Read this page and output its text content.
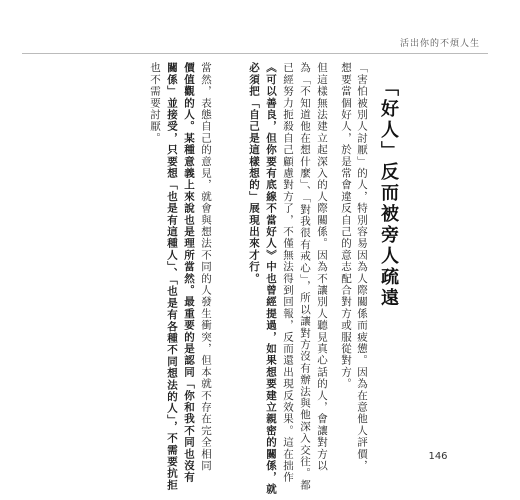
活出你的不煩人生
「好人」反而被旁人疏遠
「害怕被別人討厭」的人，特別容易因為人際關係而疲憊。因為在意他人評價，
想要當個好人，於是常會違反自己的意志配合對方或服從對方。
但這樣無法建立起深入的人際關係。因為不讓別人聽見真心話的人，會讓對方以
為「不知道他在想什麼」、「對我很有戒心」，所以讓對方沒有辦法與他深入交往。都
已經努力扼殺自己顧慮對方了，不僅無法得到回報，反而還出現反效果。這在拙作
《可以善良，但你要有底線不當好人》中也曾經提過，如果想要建立親密的關係，就
必須把「自己是這樣想的」展現出來才行。
當然，表態自己的意見，就會與想法不同的人發生衝突，但本就不存在完全相同
價值觀的人。某種意義上來說也是理所當然。最重要的是認同「你和我不同也沒有
關係」並接受，只要想「也是有這種人」、「也是有各種不同想法的人」，不需要抗拒
也不需要討厭。
146
